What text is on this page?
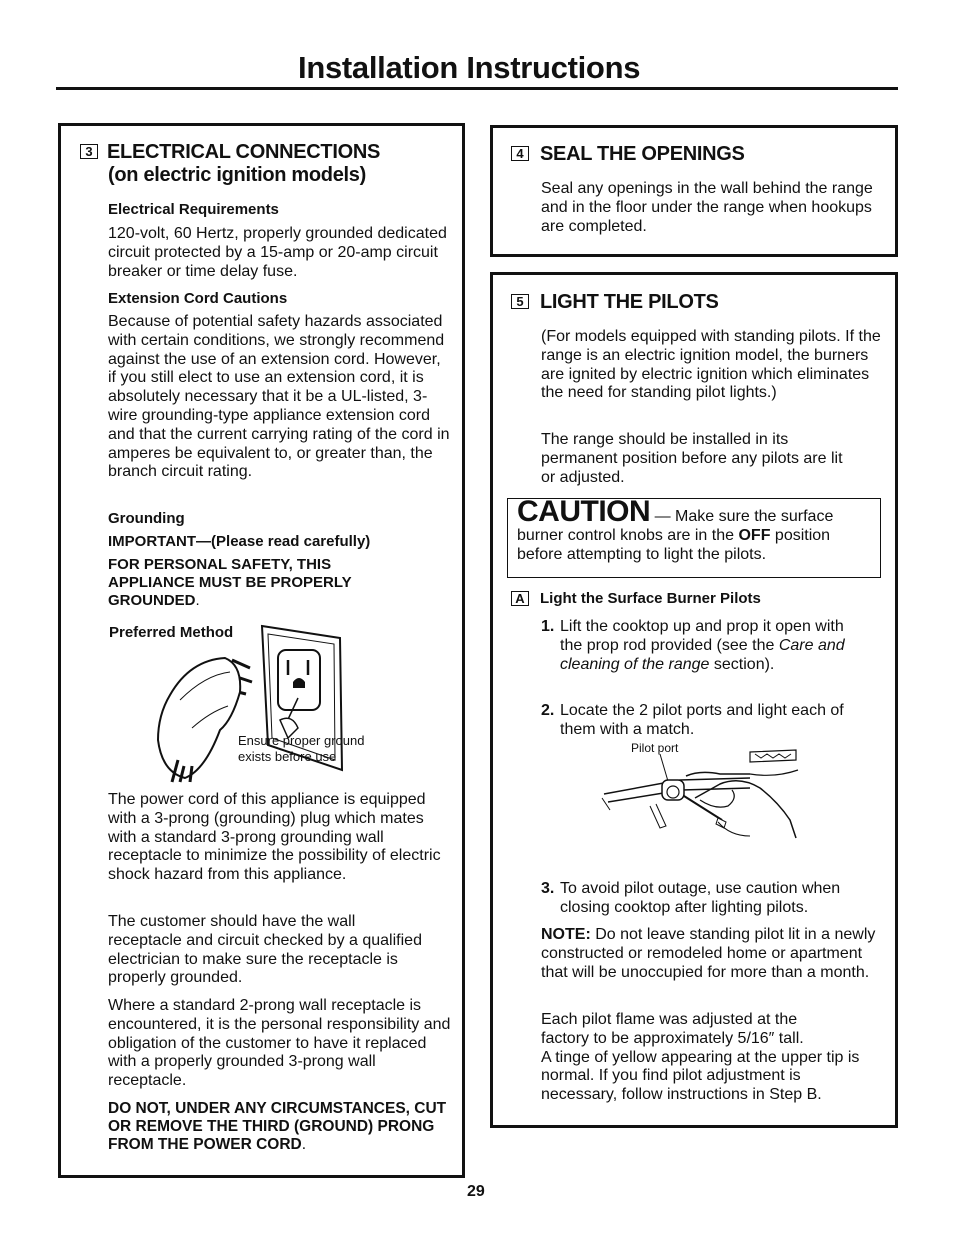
Installation Instructions
3 ELECTRICAL CONNECTIONS
(on electric ignition models)
Electrical Requirements
120-volt, 60 Hertz, properly grounded dedicated circuit protected by a 15-amp or 20-amp circuit breaker or time delay fuse.
Extension Cord Cautions
Because of potential safety hazards associated with certain conditions, we strongly recommend against the use of an extension cord. However, if you still elect to use an extension cord, it is absolutely necessary that it be a UL-listed, 3-wire grounding-type appliance extension cord and that the current carrying rating of the cord in amperes be equivalent to, or greater than, the branch circuit rating.
Grounding
IMPORTANT—(Please read carefully)
FOR PERSONAL SAFETY, THIS APPLIANCE MUST BE PROPERLY GROUNDED.
Preferred Method
Ensure proper ground
exists before use
The power cord of this appliance is equipped with a 3-prong (grounding) plug which mates with a standard 3-prong grounding wall receptacle to minimize the possibility of electric shock hazard from this appliance.
The customer should have the wall receptacle and circuit checked by a qualified electrician to make sure the receptacle is properly grounded.
Where a standard 2-prong wall receptacle is encountered, it is the personal responsibility and obligation of the customer to have it replaced with a properly grounded 3-prong wall receptacle.
DO NOT, UNDER ANY CIRCUMSTANCES, CUT OR REMOVE THE THIRD (GROUND) PRONG FROM THE POWER CORD.
4 SEAL THE OPENINGS
Seal any openings in the wall behind the range and in the floor under the range when hookups are completed.
5 LIGHT THE PILOTS
(For models equipped with standing pilots. If the range is an electric ignition model, the burners are ignited by electric ignition which eliminates the need for standing pilot lights.)
The range should be installed in its permanent position before any pilots are lit or adjusted.
CAUTION — Make sure the surface burner control knobs are in the OFF position before attempting to light the pilots.
A Light the Surface Burner Pilots
1. Lift the cooktop up and prop it open with the prop rod provided (see the Care and cleaning of the range section).
2. Locate the 2 pilot ports and light each of them with a match.
Pilot port
3. To avoid pilot outage, use caution when closing cooktop after lighting pilots.
NOTE: Do not leave standing pilot lit in a newly constructed or remodeled home or apartment that will be unoccupied for more than a month.
Each pilot flame was adjusted at the factory to be approximately 5/16″ tall.
A tinge of yellow appearing at the upper tip is normal. If you find pilot adjustment is necessary, follow instructions in Step B.
29
